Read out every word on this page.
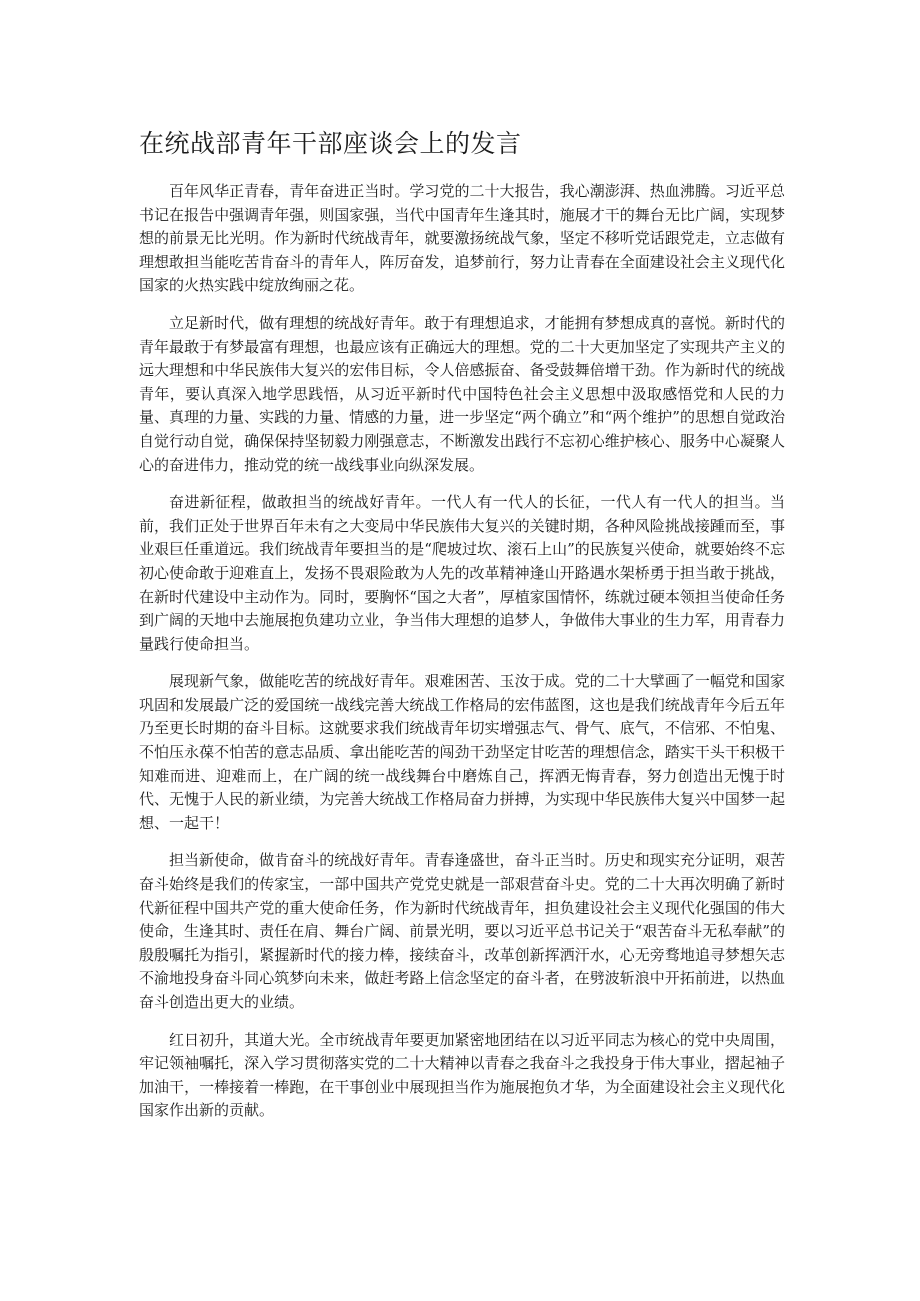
在统战部青年干部座谈会上的发言

百年风华正青春，青年奋进正当时。学习党的二十大报告，我心潮澎湃、热血沸腾。习近平总书记在报告中强调青年强，则国家强，当代中国青年生逢其时，施展才干的舞台无比广阔，实现梦想的前景无比光明。作为新时代统战青年，就要激扬统战气象，坚定不移听党话跟党走，立志做有理想敢担当能吃苦肯奋斗的青年人，阵厉奋发，追梦前行，努力让青春在全面建设社会主义现代化国家的火热实践中绽放绚丽之花。

立足新时代，做有理想的统战好青年。敢于有理想追求，才能拥有梦想成真的喜悦。新时代的青年最敢于有梦最富有理想，也最应该有正确远大的理想。党的二十大更加坚定了实现共产主义的远大理想和中华民族伟大复兴的宏伟目标，令人倍感振奋、备受鼓舞倍增干劲。作为新时代的统战青年，要认真深入地学思践悟，从习近平新时代中国特色社会主义思想中汲取感悟党和人民的力量、真理的力量、实践的力量、情感的力量，进一步坚定“两个确立”和“两个维护”的思想自觉政治自觉行动自觉，确保保持坚韧毅力刚强意志，不断激发出践行不忘初心维护核心、服务中心凝聚人心的奋进伟力，推动党的统一战线事业向纵深发展。

奋进新征程，做敢担当的统战好青年。一代人有一代人的长征，一代人有一代人的担当。当前，我们正处于世界百年未有之大变局中华民族伟大复兴的关键时期，各种风险挑战接踵而至，事业艰巨任重道远。我们统战青年要担当的是“爬坡过坎、滚石上山”的民族复兴使命，就要始终不忘初心使命敢于迎难直上，发扬不畏艰险敢为人先的改革精神逢山开路遇水架桥勇于担当敢于挑战，在新时代建设中主动作为。同时，要胸怀“国之大者”，厚植家国情怀，练就过硬本领担当使命任务到广阔的天地中去施展抱负建功立业，争当伟大理想的追梦人，争做伟大事业的生力军，用青春力量践行使命担当。

展现新气象，做能吃苦的统战好青年。艰难困苦、玉汝于成。党的二十大擘画了一幅党和国家巩固和发展最广泛的爱国统一战线完善大统战工作格局的宏伟蓝图，这也是我们统战青年今后五年乃至更长时期的奋斗目标。这就要求我们统战青年切实增强志气、骨气、底气，不信邪、不怕鬼、不怕压永葆不怕苦的意志品质、拿出能吃苦的闯劲干劲坚定甘吃苦的理想信念，踏实干头干积极干知难而进、迎难而上，在广阔的统一战线舞台中磨炼自己，挥洒无悔青春，努力创造出无愧于时代、无愧于人民的新业绩，为完善大统战工作格局奋力拼搏，为实现中华民族伟大复兴中国梦一起想、一起干！

担当新使命，做肯奋斗的统战好青年。青春逢盛世，奋斗正当时。历史和现实充分证明，艰苦奋斗始终是我们的传家宝，一部中国共产党党史就是一部艰营奋斗史。党的二十大再次明确了新时代新征程中国共产党的重大使命任务，作为新时代统战青年，担负建设社会主义现代化强国的伟大使命，生逢其时、责任在肩、舞台广阔、前景光明，要以习近平总书记关于“艰苦奋斗无私奉献”的殷殷嘱托为指引，紧握新时代的接力棒，接续奋斗，改革创新挥洒汗水，心无旁骛地追寻梦想矢志不渝地投身奋斗同心筑梦向未来，做赶考路上信念坚定的奋斗者，在劈波斩浪中开拓前进，以热血奋斗创造出更大的业绩。

红日初升，其道大光。全市统战青年要更加紧密地团结在以习近平同志为核心的党中央周围，牢记领袖嘱托，深入学习贯彻落实党的二十大精神以青春之我奋斗之我投身于伟大事业，摺起袖子加油干，一棒接着一棒跑，在干事创业中展现担当作为施展抱负才华，为全面建设社会主义现代化国家作出新的贡献。
